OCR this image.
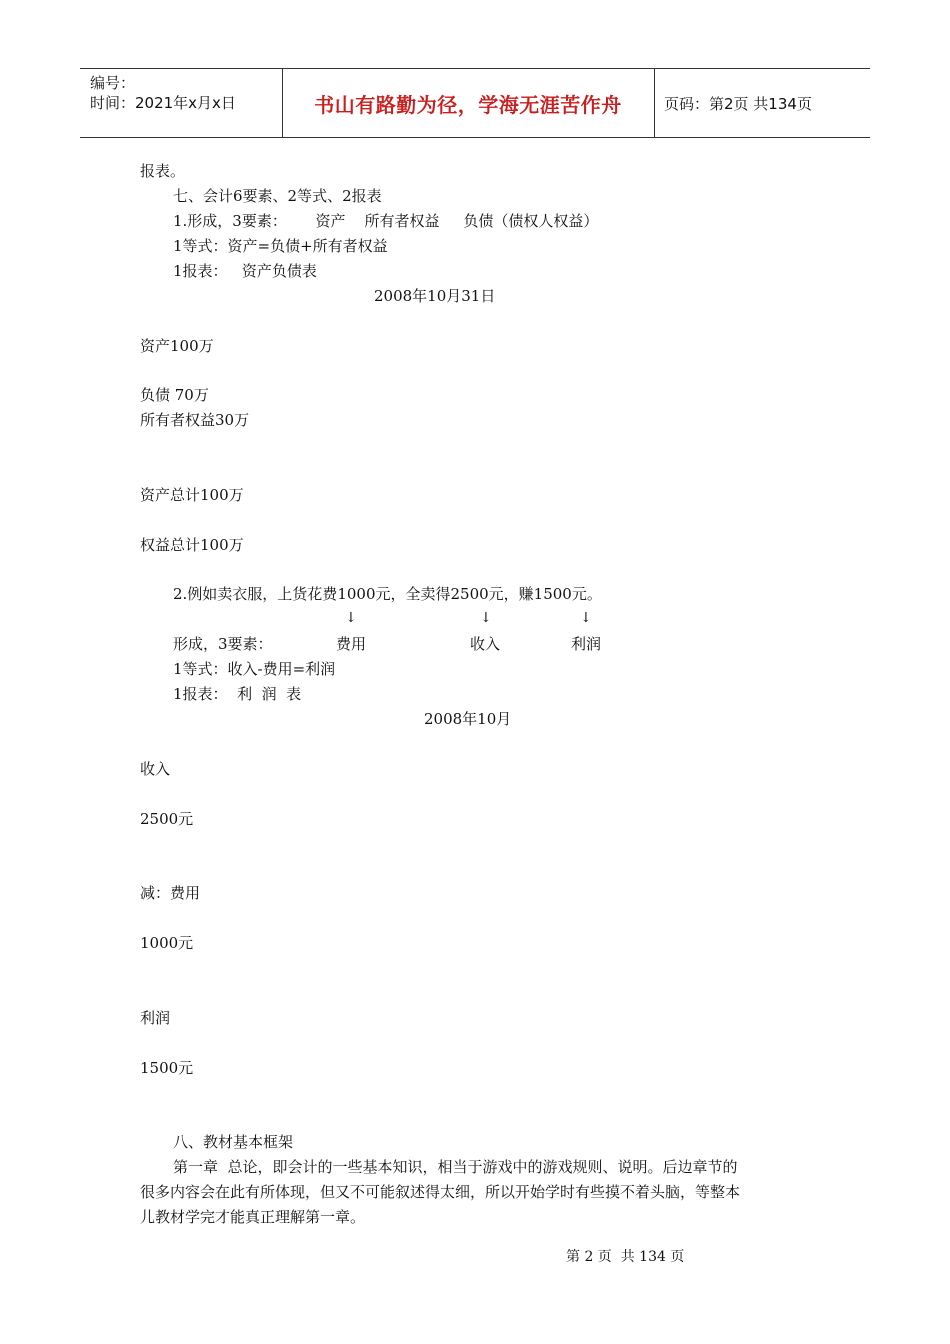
编号：
时间：2021年x月x日	书山有路勤为径，学海无涯苦作舟	页码：第2页 共134页
报表。
七、会计6要素、2等式、2报表
1.形成，3要素：      资产    所有者权益     负债（债权人权益）
1等式：资产=负债+所有者权益
1报表：   资产负债表
2008年10月31日
资产100万
负债 70万
所有者权益30万
资产总计100万
权益总计100万
2.例如卖衣服，上货花费1000元，全卖得2500元，赚1500元。
↓	↓	↓
形成，3要素：	费用	收入	利润
1等式：收入-费用=利润
1报表：  利  润  表
2008年10月
收入
2500元
减：费用
1000元
利润
1500元
八、教材基本框架
第一章  总论，即会计的一些基本知识，相当于游戏中的游戏规则、说明。后边章节的
很多内容会在此有所体现，但又不可能叙述得太细，所以开始学时有些摸不着头脑，等整本
儿教材学完才能真正理解第一章。
第 2 页  共 134 页
